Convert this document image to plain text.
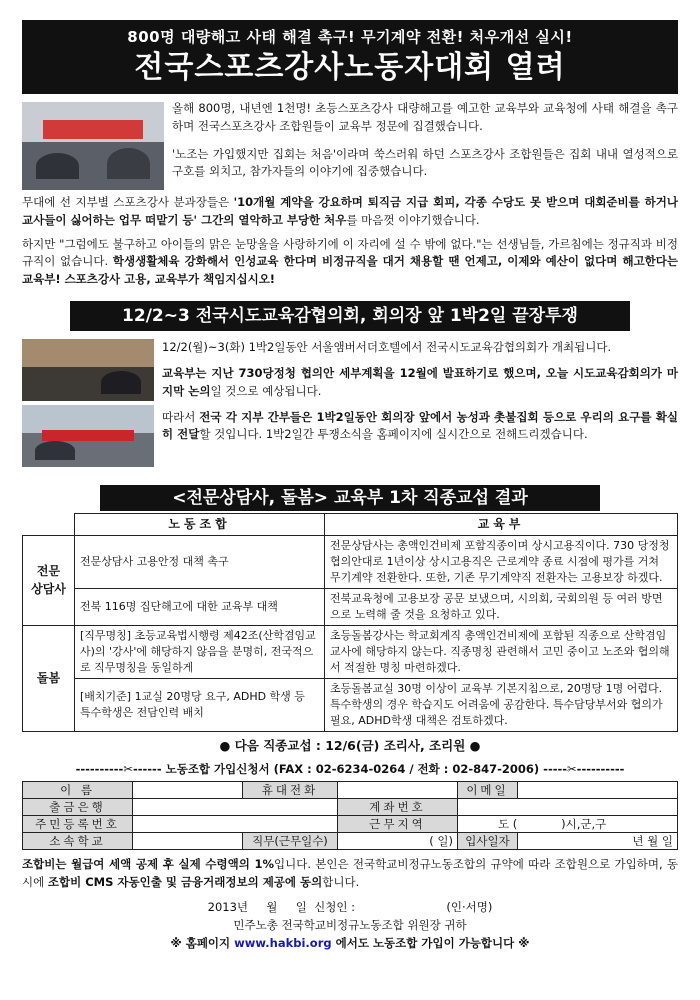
800명 대량해고 사태 해결 촉구! 무기계약 전환! 처우개선 실시!
전국스포츠강사노동자대회 열려

올해 800명, 내년엔 1천명! 초등스포츠강사 대량해고를 예고한 교육부와 교육청에 사태 해결을 촉구하며 전국스포츠강사 조합원들이 교육부 정문에 집결했습니다.

'노조는 가입했지만 집회는 처음'이라며 쑥스러워 하던 스포츠강사 조합원들은 집회 내내 열성적으로 구호를 외치고, 참가자들의 이야기에 집중했습니다.

무대에 선 지부별 스포츠강사 분과장들은 '10개월 계약을 강요하며 퇴직금 지급 회피, 각종 수당도 못 받으며 대회준비를 하거나 교사들이 싫어하는 업무 떠맡기 등' 그간의 열악하고 부당한 처우를 마음껏 이야기했습니다.

하지만 "그럼에도 불구하고 아이들의 맑은 눈망울을 사랑하기에 이 자리에 설 수 밖에 없다."는 선생님들, 가르침에는 정규직과 비정규직이 없습니다. 학생생활체육 강화해서 인성교육 한다며 비정규직을 대거 채용할 땐 언제고, 이제와 예산이 없다며 해고한다는 교육부! 스포츠강사 고용, 교육부가 책임지십시오!

12/2~3 전국시도교육감협의회, 회의장 앞 1박2일 끝장투쟁

12/2(월)~3(화) 1박2일동안 서울앰버서더호텔에서 전국시도교육감협의회가 개최됩니다.

교육부는 지난 730당정청 협의안 세부계획을 12월에 발표하기로 했으며, 오늘 시도교육감회의가 마지막 논의일 것으로 예상됩니다.

따라서 전국 각 지부 간부들은 1박2일동안 회의장 앞에서 농성과 촛불집회 등으로 우리의 요구를 확실히 전달할 것입니다. 1박2일간 투쟁소식을 홈페이지에 실시간으로 전해드리겠습니다.

<전문상담사, 돌봄> 교육부 1차 직종교섭 결과
	노동조합	교육부
전문
상담사	전문상담사 고용안정 대책 촉구	전문상담사는 총액인건비제 포함직종이며 상시고용직이다. 730 당정청 협의안대로 1년이상 상시고용직은 근로계약 종료 시점에 평가를 거쳐 무기계약 전환한다. 또한, 기존 무기계약직 전환자는 고용보장 하겠다.
	전북 116명 집단해고에 대한 교육부 대책	전북교육청에 고용보장 공문 보냈으며, 시의회, 국회의원 등 여러 방면으로 노력해 줄 것을 요청하고 있다.
돌봄	[직무명칭] 초등교육법시행령 제42조(산학겸임교사)의 '강사'에 해당하지 않음을 분명히, 전국적으로 직무명칭을 동일하게	초등돌봄강사는 학교회계직 총액인건비제에 포함된 직종으로 산학겸임교사에 해당하지 않는다. 직종명칭 관련해서 고민 중이고 노조와 협의해서 적절한 명칭 마련하겠다.
	[배치기준] 1교실 20명당 요구, ADHD 학생 등 특수학생은 전담인력 배치	초등돌봄교실 30명 이상이 교육부 기본지침으로, 20명당 1명 어렵다. 특수학생의 경우 학습지도 어려움에 공감한다. 특수담당부서와 협의가 필요, ADHD학생 대책은 검토하겠다.
● 다음 직종교섭 : 12/6(금) 조리사, 조리원 ●
----------✂------ 노동조합 가입신청서 (FAX : 02-6234-0264 / 전화 : 02-847-2006) -----✂----------
이 름		휴대전화		이메일	
출금은행			계좌번호		
주민등록번호			근무지역	도 ( )시,군,구	
소속학교		직무(근무일수)	( 일)	입사일자	년 월 일

조합비는 월급여 세액 공제 후 실제 수령액의 1%입니다. 본인은 전국학교비정규노동조합의 규약에 따라 조합원으로 가입하며, 동시에 조합비 CMS 자동인출 및 금융거래정보의 제공에 동의합니다.

2013년     월     일  신청인 :                         (인·서명)
민주노총 전국학교비정규노동조합 위원장 귀하
※ 홈페이지 www.hakbi.org 에서도 노동조합 가입이 가능합니다 ※
